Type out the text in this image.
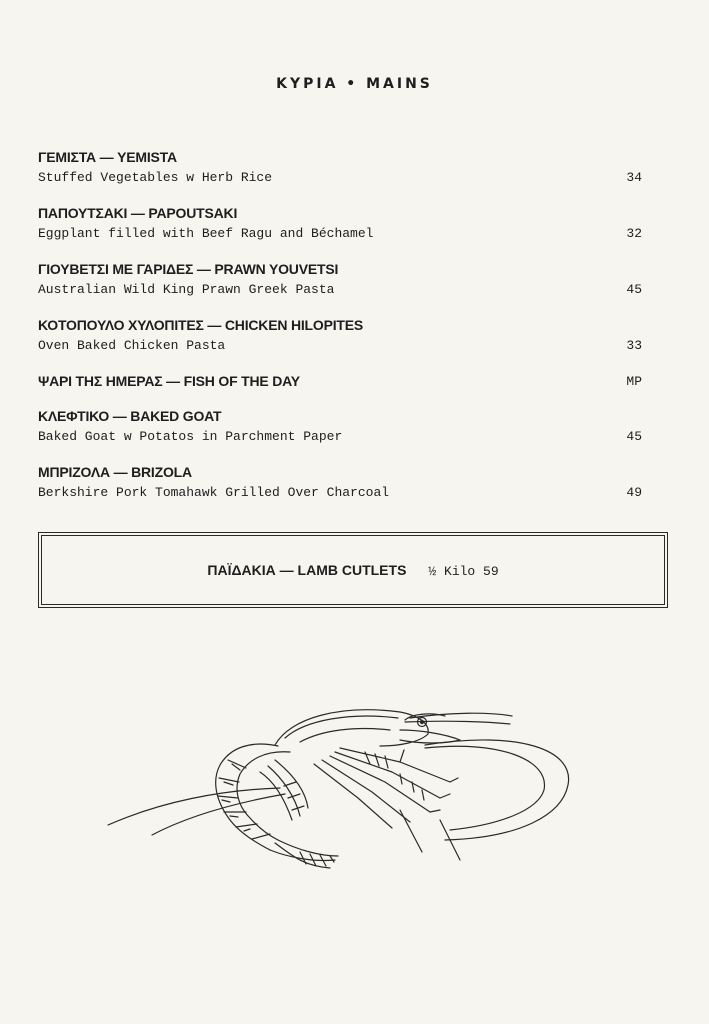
ΚΥΡΙΑ • MAINS
ΓΕΜΙΣΤΑ — YEMISTA
Stuffed Vegetables w Herb Rice	34
ΠΑΠΟΥΤΣΑΚΙ — PAPOUTSAKI
Eggplant filled with Beef Ragu and Béchamel	32
ΓΙΟΥΒΕΤΣΙ ΜΕ ΓΑΡΙΔΕΣ — PRAWN YOUVETSI
Australian Wild King Prawn Greek Pasta	45
ΚΟΤΟΠΟΥΛΟ ΧΥΛΟΠΙΤΕΣ — CHICKEN HILOPITES
Oven Baked Chicken Pasta	33
ΨΑΡΙ ΤΗΣ ΗΜΕΡΑΣ — FISH OF THE DAY	MP
ΚΛΕΦΤΙΚΟ — BAKED GOAT
Baked Goat w Potatos in Parchment Paper	45
ΜΠΡΙΖΟΛΑ — BRIZOLA
Berkshire Pork Tomahawk Grilled Over Charcoal	49
ΠΑΪΔΑΚΙΑ — LAMB CUTLETS ½ Kilo 59
